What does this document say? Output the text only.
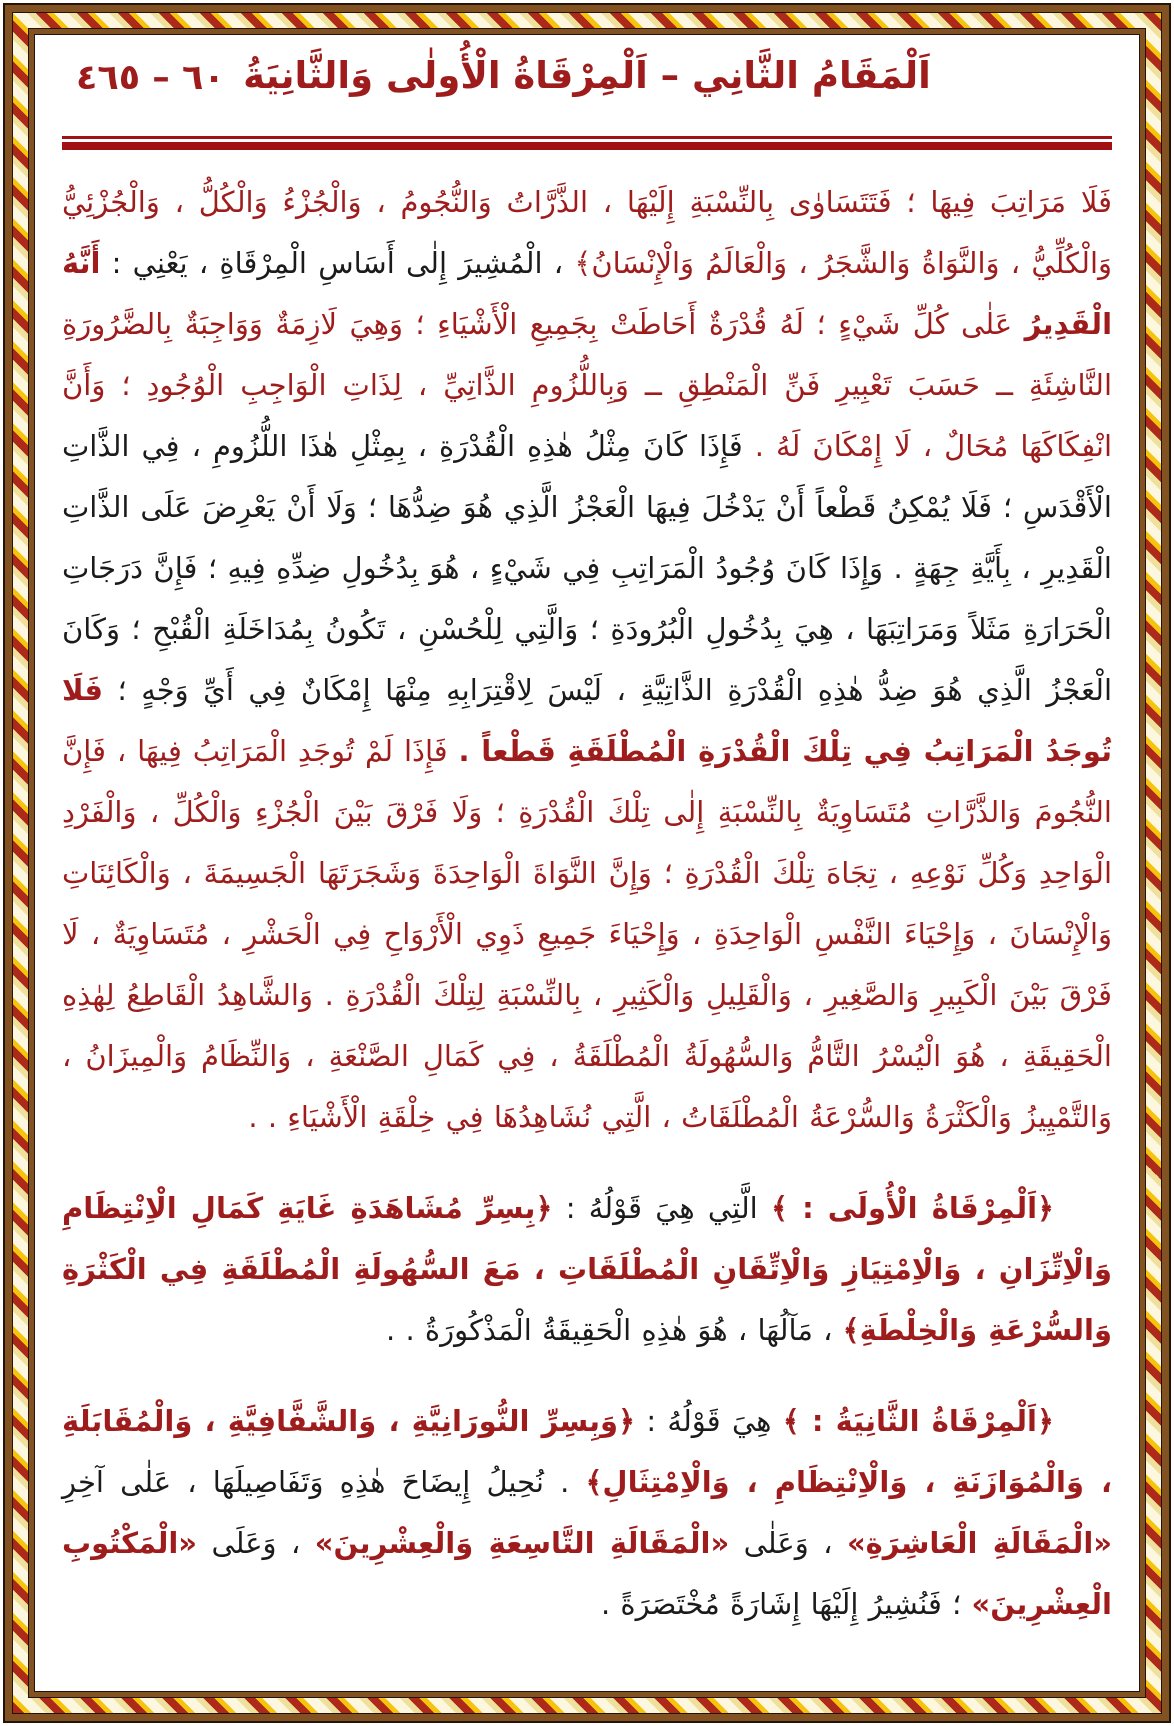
٦٠ – ٤٦٥ اَلْمَقَامُ الثَّانِي – اَلْمِرْقَاةُ الْأُولٰى وَالثَّانِيَةُ
فَلَا مَرَاتِبَ فِيهَا ؛ فَتَتَسَاوٰى بِالنِّسْبَةِ إِلَيْهَا ، الذَّرَّاتُ وَالنُّجُومُ ، وَالْجُزْءُ وَالْكُلُّ ، وَالْجُزْئِيُّ وَالْكُلِّيُّ ، وَالنَّوَاةُ وَالشَّجَرُ ، وَالْعَالَمُ وَالْإِنْسَانُ﴾ ، الْمُشِيرَ إِلٰى أَسَاسِ الْمِرْقَاةِ ، يَعْنِي : أَنَّهُ الْقَدِيرُ عَلٰى كُلِّ شَيْءٍ ؛ لَهُ قُدْرَةٌ أَحَاطَتْ بِجَمِيعِ الْأَشْيَاءِ ؛ وَهِيَ لَازِمَةٌ وَوَاجِبَةٌ بِالضَّرُورَةِ النَّاشِئَةِ ــ حَسَبَ تَعْبِيرِ فَنِّ الْمَنْطِقِ ــ وَبِاللُّزُومِ الذَّاتِيِّ ، لِذَاتِ الْوَاجِبِ الْوُجُودِ ؛ وَأَنَّ انْفِكَاكَهَا مُحَالٌ ، لَا إِمْكَانَ لَهُ . فَإِذَا كَانَ مِثْلُ هٰذِهِ الْقُدْرَةِ ، بِمِثْلِ هٰذَا اللُّزُومِ ، فِي الذَّاتِ الْأَقْدَسِ ؛ فَلَا يُمْكِنُ قَطْعاً أَنْ يَدْخُلَ فِيهَا الْعَجْزُ الَّذِي هُوَ ضِدُّهَا ؛ وَلَا أَنْ يَعْرِضَ عَلَى الذَّاتِ الْقَدِيرِ ، بِأَيَّةِ جِهَةٍ . وَإِذَا كَانَ وُجُودُ الْمَرَاتِبِ فِي شَيْءٍ ، هُوَ بِدُخُولِ ضِدِّهِ فِيهِ ؛ فَإِنَّ دَرَجَاتِ الْحَرَارَةِ مَثَلاً وَمَرَاتِبَهَا ، هِيَ بِدُخُولِ الْبُرُودَةِ ؛ وَالَّتِي لِلْحُسْنِ ، تَكُونُ بِمُدَاخَلَةِ الْقُبْحِ ؛ وَكَانَ الْعَجْزُ الَّذِي هُوَ ضِدُّ هٰذِهِ الْقُدْرَةِ الذَّاتِيَّةِ ، لَيْسَ لِاقْتِرَابِهِ مِنْهَا إِمْكَانٌ فِي أَيِّ وَجْهٍ ؛ فَلَا تُوجَدُ الْمَرَاتِبُ فِي تِلْكَ الْقُدْرَةِ الْمُطْلَقَةِ قَطْعاً . فَإِذَا لَمْ تُوجَدِ الْمَرَاتِبُ فِيهَا ، فَإِنَّ النُّجُومَ وَالذَّرَّاتِ مُتَسَاوِيَةٌ بِالنِّسْبَةِ إِلٰى تِلْكَ الْقُدْرَةِ ؛ وَلَا فَرْقَ بَيْنَ الْجُزْءِ وَالْكُلِّ ، وَالْفَرْدِ الْوَاحِدِ وَكُلِّ نَوْعِهِ ، تِجَاهَ تِلْكَ الْقُدْرَةِ ؛ وَإِنَّ النَّوَاةَ الْوَاحِدَةَ وَشَجَرَتَهَا الْجَسِيمَةَ ، وَالْكَائِنَاتِ وَالْإِنْسَانَ ، وَإِحْيَاءَ النَّفْسِ الْوَاحِدَةِ ، وَإِحْيَاءَ جَمِيعِ ذَوِي الْأَرْوَاحِ فِي الْحَشْرِ ، مُتَسَاوِيَةٌ ، لَا فَرْقَ بَيْنَ الْكَبِيرِ وَالصَّغِيرِ ، وَالْقَلِيلِ وَالْكَثِيرِ ، بِالنِّسْبَةِ لِتِلْكَ الْقُدْرَةِ . وَالشَّاهِدُ الْقَاطِعُ لِهٰذِهِ الْحَقِيقَةِ ، هُوَ الْيُسْرُ التَّامُّ وَالسُّهُولَةُ الْمُطْلَقَةُ ، فِي كَمَالِ الصَّنْعَةِ ، وَالنِّظَامُ وَالْمِيزَانُ ، وَالتَّمْيِيزُ وَالْكَثْرَةُ وَالسُّرْعَةُ الْمُطْلَقَاتُ ، الَّتِي نُشَاهِدُهَا فِي خِلْقَةِ الْأَشْيَاءِ . .
﴿اَلْمِرْقَاةُ الْأُولَى : ﴾ الَّتِي هِيَ قَوْلُهُ : ﴿بِسِرِّ مُشَاهَدَةِ غَايَةِ كَمَالِ الْاِنْتِظَامِ وَالْاِتِّزَانِ ، وَالْاِمْتِيَازِ وَالْاِتِّقَانِ الْمُطْلَقَاتِ ، مَعَ السُّهُولَةِ الْمُطْلَقَةِ فِي الْكَثْرَةِ وَالسُّرْعَةِ وَالْخِلْطَةِ﴾ ، مَآلُهَا ، هُوَ هٰذِهِ الْحَقِيقَةُ الْمَذْكُورَةُ . .
﴿اَلْمِرْقَاةُ الثَّانِيَةُ : ﴾ هِيَ قَوْلُهُ : ﴿وَبِسِرِّ النُّورَانِيَّةِ ، وَالشَّفَّافِيَّةِ ، وَالْمُقَابَلَةِ ، وَالْمُوَازَنَةِ ، وَالْاِنْتِظَامِ ، وَالْاِمْتِثَالِ﴾ . نُحِيلُ إِيضَاحَ هٰذِهِ وَتَفَاصِيلَهَا ، عَلٰى آخِرِ «الْمَقَالَةِ الْعَاشِرَةِ» ، وَعَلٰى «الْمَقَالَةِ التَّاسِعَةِ وَالْعِشْرِينَ» ، وَعَلَى «الْمَكْتُوبِ الْعِشْرِينَ» ؛ فَنُشِيرُ إِلَيْهَا إِشَارَةً مُخْتَصَرَةً .
